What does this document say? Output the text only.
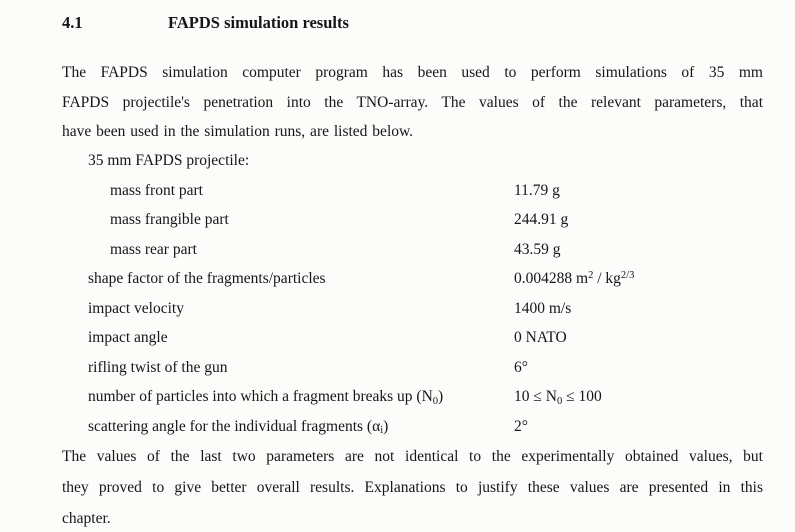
4.1	FAPDS simulation results
The FAPDS simulation computer program has been used to perform simulations of 35 mm
FAPDS projectile's penetration into the TNO-array. The values of the relevant parameters, that
have been used in the simulation runs, are listed below.
35 mm FAPDS projectile:
mass front part	11.79 g
mass frangible part	244.91 g
mass rear part	43.59 g
shape factor of the fragments/particles	0.004288 $m^2 / kg^{2/3}$
impact velocity	1400 m/s
impact angle	0 NATO
rifling twist of the gun	6°
number of particles into which a fragment breaks up $(N_0)$	$10 \le N_0 \le 100$
scattering angle for the individual fragments $(\alpha_i)$	2°
The values of the last two parameters are not identical to the experimentally obtained values, but
they proved to give better overall results. Explanations to justify these values are presented in this
chapter.
